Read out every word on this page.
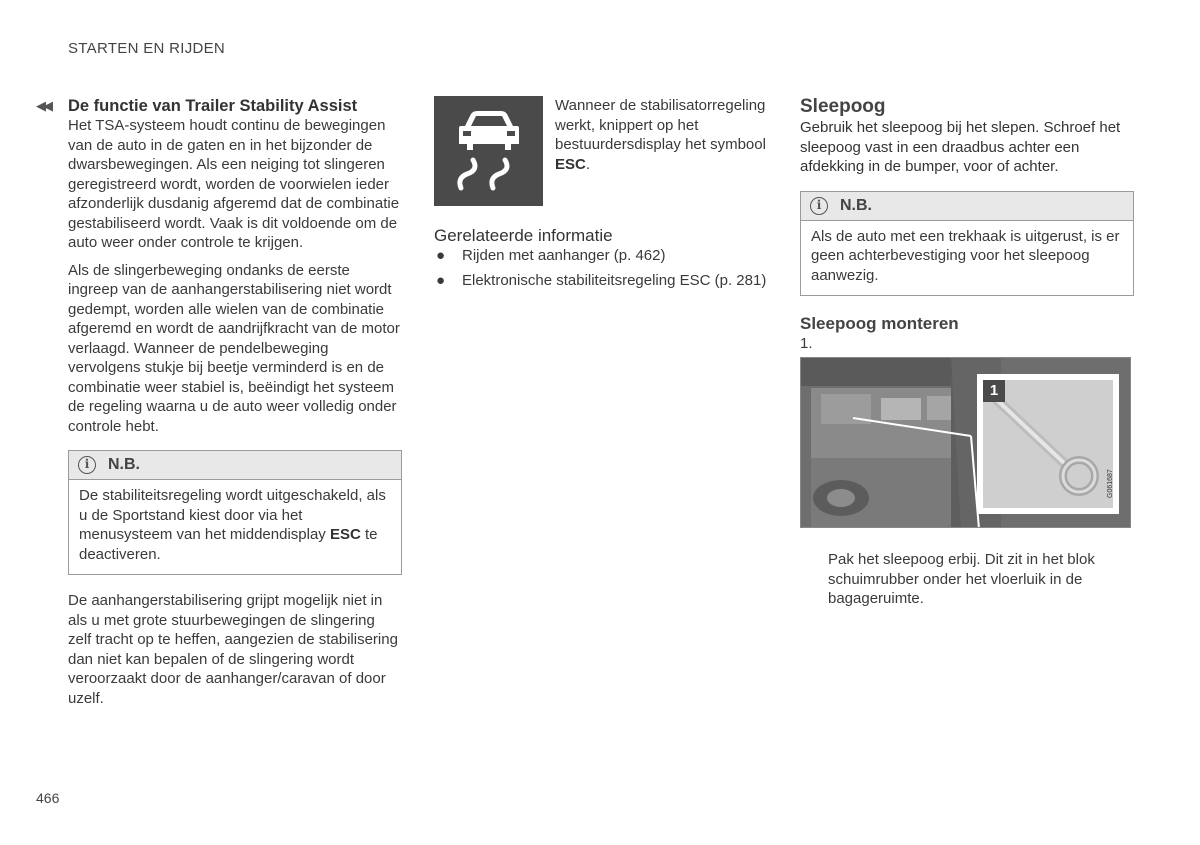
STARTEN EN RIJDEN
◀◀ De functie van Trailer Stability Assist

Het TSA-systeem houdt continu de bewegingen van de auto in de gaten en in het bijzonder de dwarsbewegingen. Als een neiging tot slingeren geregistreerd wordt, worden de voorwielen ieder afzonderlijk dusdanig afgeremd dat de combinatie gestabiliseerd wordt. Vaak is dit voldoende om de auto weer onder controle te krijgen.

Als de slingerbeweging ondanks de eerste ingreep van de aanhangerstabilisering niet wordt gedempt, worden alle wielen van de combinatie afgeremd en wordt de aandrijfkracht van de motor verlaagd. Wanneer de pendelbeweging vervolgens stukje bij beetje verminderd is en de combinatie weer stabiel is, beëindigt het systeem de regeling waarna u de auto weer volledig onder controle hebt.

i	N.B.
De stabiliteitsregeling wordt uitgeschakeld, als u de Sportstand kiest door via het menusysteem van het middendisplay ESC te deactiveren.

De aanhangerstabilisering grijpt mogelijk niet in als u met grote stuurbewegingen de slingering zelf tracht op te heffen, aangezien de stabilisering dan niet kan bepalen of de slingering wordt veroorzaakt door de aanhanger/caravan of door uzelf.

Wanneer de stabilisatorregeling werkt, knippert op het bestuurdersdisplay het symbool ESC.

Gerelateerde informatie

● Rijden met aanhanger (p. 462)
● Elektronische stabiliteitsregeling ESC (p. 281)

Sleepoog

Gebruik het sleepoog bij het slepen. Schroef het sleepoog vast in een draadbus achter een afdekking in de bumper, voor of achter.

i	N.B.
Als de auto met een trekhaak is uitgerust, is er geen achterbevestiging voor het sleepoog aanwezig.

Sleepoog monteren

1.

1
G061687

Pak het sleepoog erbij. Dit zit in het blok schuimrubber onder het vloerluik in de bagageruimte.

466
